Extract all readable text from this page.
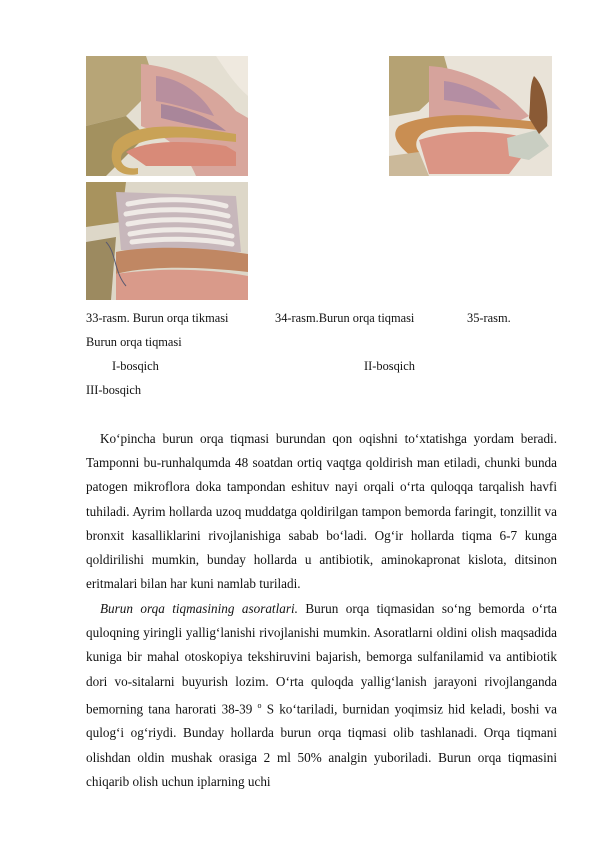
33-rasm. Burun orqa tikmasi	34-rasm.Burun orqa tiqmasi	35-rasm.
Burun orqa tiqmasi
I-bosqich	II-bosqich
III-bosqich

Ko‘pincha burun orqa tiqmasi burundan qon oqishni to‘xtatishga yordam beradi. Tamponni bu-runhalqumda 48 soatdan ortiq vaqtga qoldirish man etiladi, chunki bunda patogen mikroflora doka tampondan eshituv nayi orqali o‘rta quloqqa tarqalish havfi tuhiladi. Ayrim hollarda uzoq muddatga qoldirilgan tampon bemorda faringit, tonzillit va bronxit kasalliklarini rivojlanishiga sabab bo‘ladi. Og‘ir hollarda tiqma 6-7 kunga qoldirilishi mumkin, bunday hollarda u antibiotik, aminokapronat kislota, ditsinon eritmalari bilan har kuni namlab turiladi.

Burun orqa tiqmasining asoratlari. Burun orqa tiqmasidan so‘ng bemorda o‘rta quloqning yiringli yallig‘lanishi rivojlanishi mumkin. Asoratlarni oldini olish maqsadida kuniga bir mahal otoskopiya tekshiruvini bajarish, bemorga sulfanilamid va antibiotik dori vo-sitalarni buyurish lozim. O‘rta quloqda yallig‘lanish jarayoni rivojlanganda bemorning tana harorati 38-39 $^o$ S ko‘tariladi, burnidan yoqimsiz hid keladi, boshi va qulog‘i og‘riydi. Bunday hollarda burun orqa tiqmasi olib tashlanadi. Orqa tiqmani olishdan oldin mushak orasiga 2 ml 50% analgin yuboriladi. Burun orqa tiqmasini chiqarib olish uchun iplarning uchi
